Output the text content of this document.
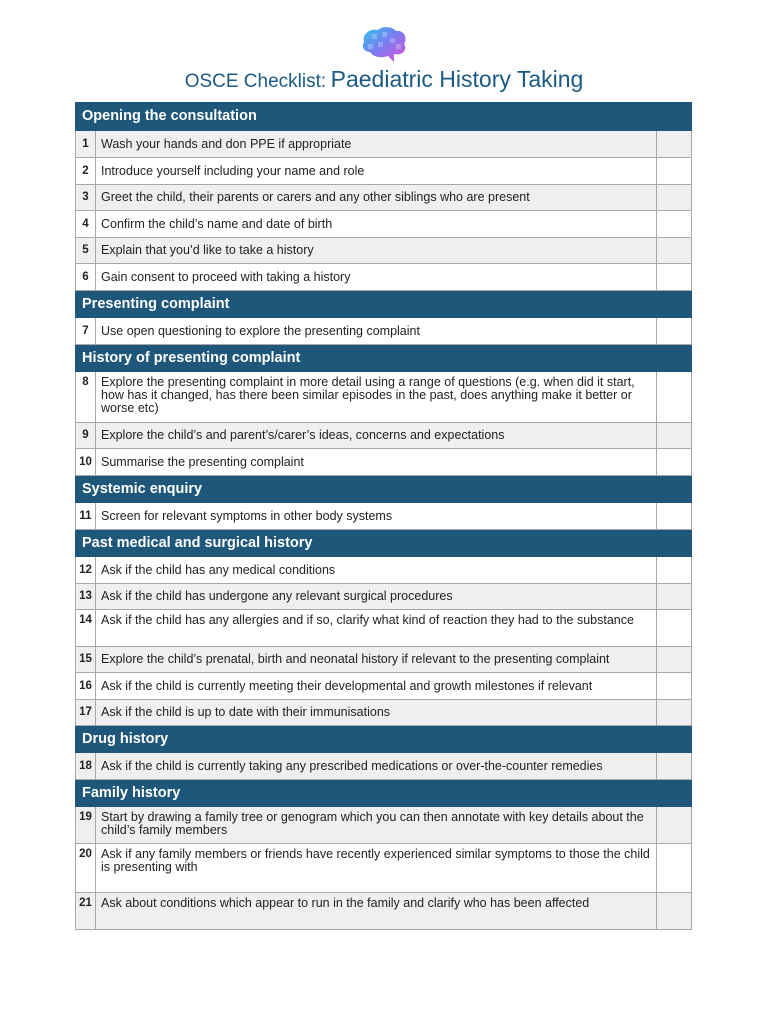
OSCE Checklist: Paediatric History Taking
Opening the consultation		
1	Wash your hands and don PPE if appropriate	
2	Introduce yourself including your name and role	
3	Greet the child, their parents or carers and any other siblings who are present	
4	Confirm the child’s name and date of birth	
5	Explain that you’d like to take a history	
6	Gain consent to proceed with taking a history	
Presenting complaint		
7	Use open questioning to explore the presenting complaint	
History of presenting complaint		
8	Explore the presenting complaint in more detail using a range of questions (e.g. when did it start, how has it changed, has there been similar episodes in the past, does anything make it better or worse etc)	
9	Explore the child’s and parent’s/carer’s ideas, concerns and expectations	
10	Summarise the presenting complaint	
Systemic enquiry		
11	Screen for relevant symptoms in other body systems	
Past medical and surgical history		
12	Ask if the child has any medical conditions	
13	Ask if the child has undergone any relevant surgical procedures	
14	Ask if the child has any allergies and if so, clarify what kind of reaction they had to the substance	
15	Explore the child’s prenatal, birth and neonatal history if relevant to the presenting complaint	
16	Ask if the child is currently meeting their developmental and growth milestones if relevant	
17	Ask if the child is up to date with their immunisations	
Drug history		
18	Ask if the child is currently taking any prescribed medications or over-the-counter remedies	
Family history		
19	Start by drawing a family tree or genogram which you can then annotate with key details about the child’s family members	
20	Ask if any family members or friends have recently experienced similar symptoms to those the child is presenting with	
21	Ask about conditions which appear to run in the family and clarify who has been affected	
